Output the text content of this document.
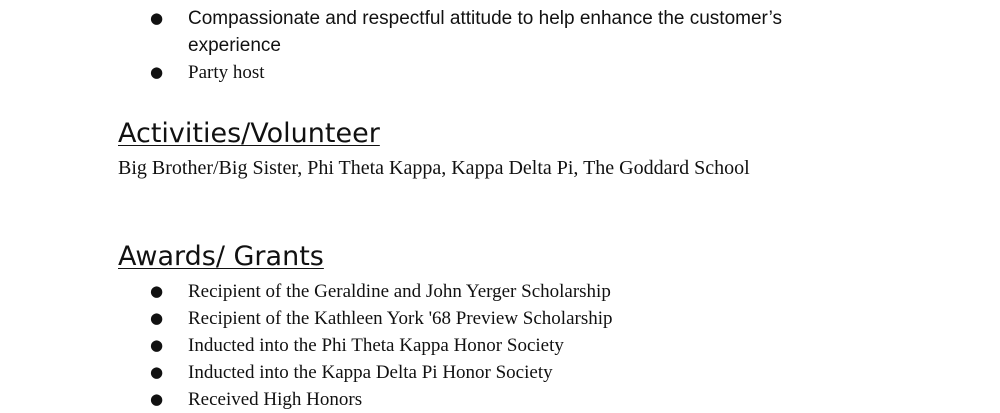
● Compassionate and respectful attitude to help enhance the customer’s experience
● Party host
Activities/Volunteer

Big Brother/Big Sister, Phi Theta Kappa, Kappa Delta Pi, The Goddard School

Awards/ Grants
● Recipient of the Geraldine and John Yerger Scholarship
● Recipient of the Kathleen York '68 Preview Scholarship
● Inducted into the Phi Theta Kappa Honor Society
● Inducted into the Kappa Delta Pi Honor Society
● Received High Honors
